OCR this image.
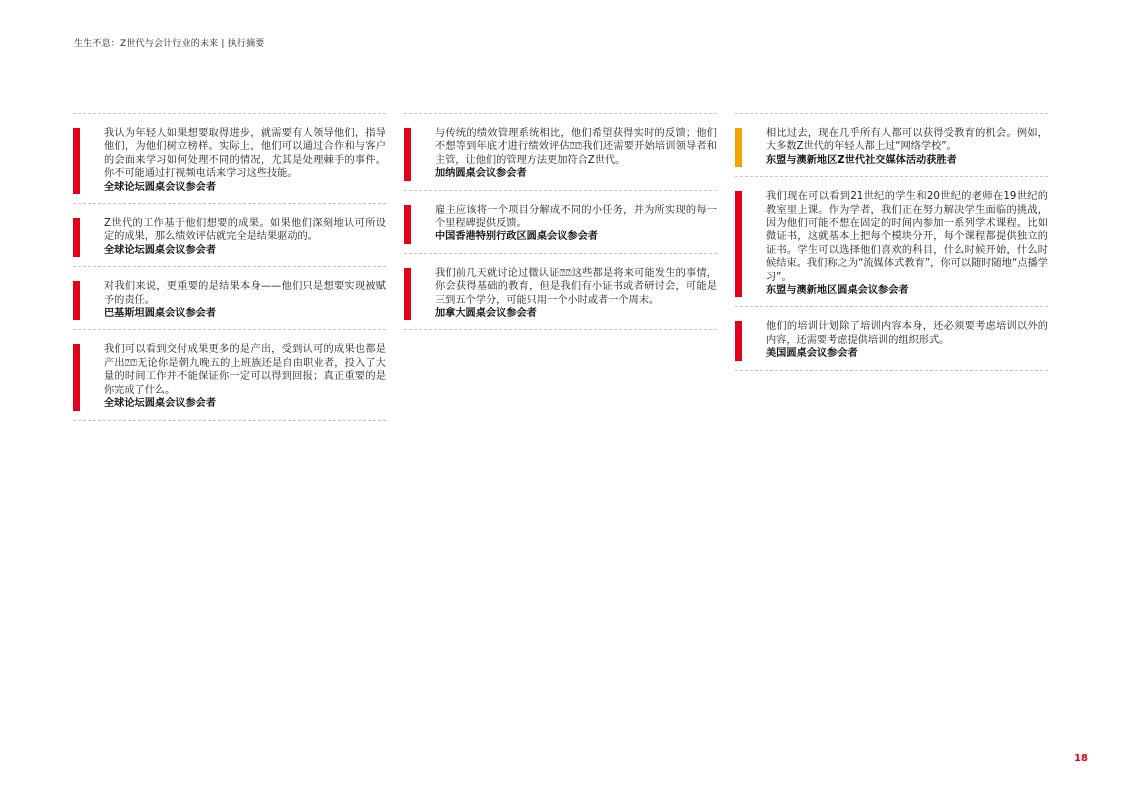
生生不息：Z世代与会计行业的未来 | 执行摘要
我认为年轻人如果想要取得进步，就需要有人领导他们，指导他们，为他们树立榜样。实际上，他们可以通过合作和与客户的会面来学习如何处理不同的情况，尤其是处理棘手的事件。你不可能通过打视频电话来学习这些技能。
全球论坛圆桌会议参会者
Z世代的工作基于他们想要的成果。如果他们深刻地认可所设定的成果，那么绩效评估就完全是结果驱动的。
全球论坛圆桌会议参会者
对我们来说，更重要的是结果本身——他们只是想要实现被赋予的责任。
巴基斯坦圆桌会议参会者
我们可以看到交付成果更多的是产出，受到认可的成果也都是产出⍰⍰无论你是朝九晚五的上班族还是自由职业者，投入了大量的时间工作并不能保证你一定可以得到回报；真正重要的是你完成了什么。
全球论坛圆桌会议参会者
与传统的绩效管理系统相比，他们希望获得实时的反馈；他们不想等到年底才进行绩效评估⍰⍰我们还需要开始培训领导者和主管，让他们的管理方法更加符合Z世代。
加纳圆桌会议参会者
雇主应该将一个项目分解成不同的小任务，并为所实现的每一个里程碑提供反馈。
中国香港特别行政区圆桌会议参会者
我们前几天就讨论过微认证⍰⍰这些都是将来可能发生的事情，你会获得基础的教育，但是我们有小证书或者研讨会，可能是三到五个学分，可能只用一个小时或者一个周末。
加拿大圆桌会议参会者
相比过去，现在几乎所有人都可以获得受教育的机会。例如，大多数Z世代的年轻人都上过“网络学校”。
东盟与澳新地区Z世代社交媒体活动获胜者
我们现在可以看到21世纪的学生和20世纪的老师在19世纪的教室里上课。作为学者，我们正在努力解决学生面临的挑战，因为他们可能不想在固定的时间内参加一系列学术课程。比如微证书，这就基本上把每个模块分开，每个课程都提供独立的证书。学生可以选择他们喜欢的科目，什么时候开始，什么时候结束。我们称之为“流媒体式教育”，你可以随时随地“点播学习”。
东盟与澳新地区圆桌会议参会者
他们的培训计划除了培训内容本身，还必须要考虑培训以外的内容，还需要考虑提供培训的组织形式。
美国圆桌会议参会者
18
